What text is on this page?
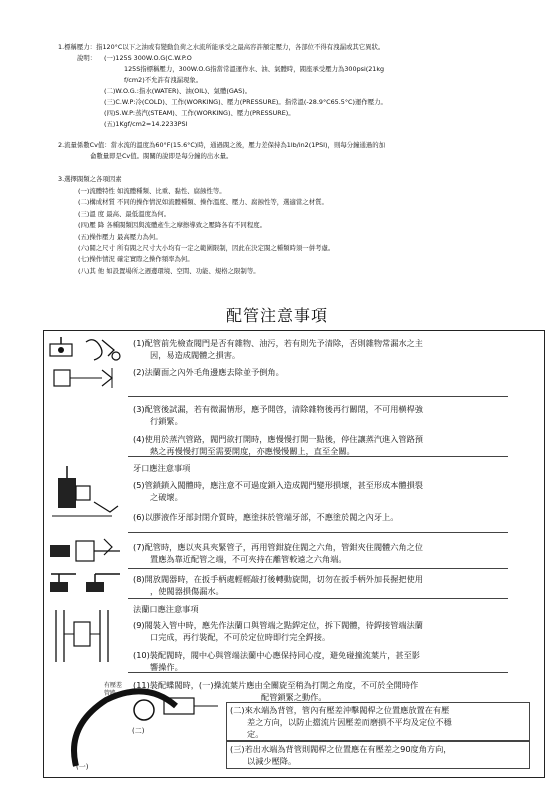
1.標稱壓力：指120°C以下之油或有變動負荷之水流所能承受之最高容許額定壓力，各部位不得有洩漏或其它異狀。
說明： (一)125S 300W.O.G(C.W.P.O
125S指標稱壓力，300W.O.G指當常溫運作水、油、氣體時，閥座承受壓力為300psi(21kg
f/cm2)不允許有洩漏現象。
(二)W.O.G.:指水(WATER)、油(OIL)、氣體(GAS)。
(三)C.W.P:冷(COLD)、工作(WORKING)、壓力(PRESSURE)。指常溫(-28.9°C65.5°C)運作壓力。
(四)S.W.P:蒸汽(STEAM)、工作(WORKING)、壓力(PRESSURE)。
(五)1Kgf/cm2=14.2233PSI
2.流量係數Cv值：當水流的溫度為60°F(15.6°C)時，通過閥之後，壓力差保持為1lb/in2(1PSI)，則每分鐘通過的加
侖數量即是Cv值。閥關的說即是每分鐘的出水量。
3.選擇閥類之各項因素
(一)流體特性 如流體種類、比重、黏性、腐蝕性等。
(二)構成材質 不同的操作情況如流體種類、操作溫度、壓力、腐蝕性等，選適當之材質。
(三)溫 度 最高、最低溫度為何。
(四)壓 降 各種閥類因與流體產生之摩擦導致之壓降各有不同程度。
(五)操作壓力 最高壓力為何。
(六)閥之尺寸 所有閥之尺寸大小均有一定之範圍限制，因此在決定閥之種類時須一併考慮。
(七)操作情況 確定實際之操作頻率為何。
(八)其 他 如設置場所之週邊環境、空間、功能、規格之限制等。
配管注意事項
(1)配管前先檢查閥門是否有雜物、油污，若有則先予清除，否則雜物常漏水之主
因，易造成閥體之損害。
(2)法蘭面之內外毛角邊應去除並予倒角。
(3)配管後試漏，若有微漏情形，應予開啓，清除雜物後再行關閉，不可用横桿強
行鎖緊。
(4)使用於蒸汽管路，閥門欲打開時，應慢慢打開一點後，停住讓蒸汽進入管路預
熱之再慢慢打開至需要開度，亦應慢慢關上，直至全關。
牙口應注意事項
(5)管鎖鎖入閥體時，應注意不可過度鎖入造成閥門變形損壞，甚至形成本體損裂
之破壞。
(6)以膠液作牙部封閉介質時，應塗抹於管端牙部，不應塗於閥之內牙上。
(7)配管時，應以夾具夾緊管子，再用管鉗旋住閥之六角，管鉗夾住閥體六角之位
置應為靠近配管之端，不可夾持在離管較遠之六角端。
(8)開放閥器時，在扳手柄處輕輕敲打後轉動旋開，切勿在扳手柄外加長握把使用
，使閥器損傷漏水。
法蘭口應注意事項
(9)閥裝入管中時，應先作法蘭口與管端之點銲定位，拆下閥體，待銲接管端法蘭
口完成，再行裝配，不可於定位時即行完全銲接。
(10)裝配閥時，閥中心與管端法蘭中心應保持同心度，避免碰撞流葉片，甚至影
響操作。
(11)裝配蝶閥時，(一)操流葉片應由全關旋至稍為打開之角度，不可於全開時作
配管鎖緊之動作。
(二)來水端為背管，管內有壓差沖擊閥桿之位置應放置在有壓
差之方向，以防止擋流片因壓差而磨損不平均及定位不穩
定。
(三)若出水端為背管則閥桿之位置應在有壓差之90度角方向，
以減少壓降。
有壓差
管路
(二)
(一)
